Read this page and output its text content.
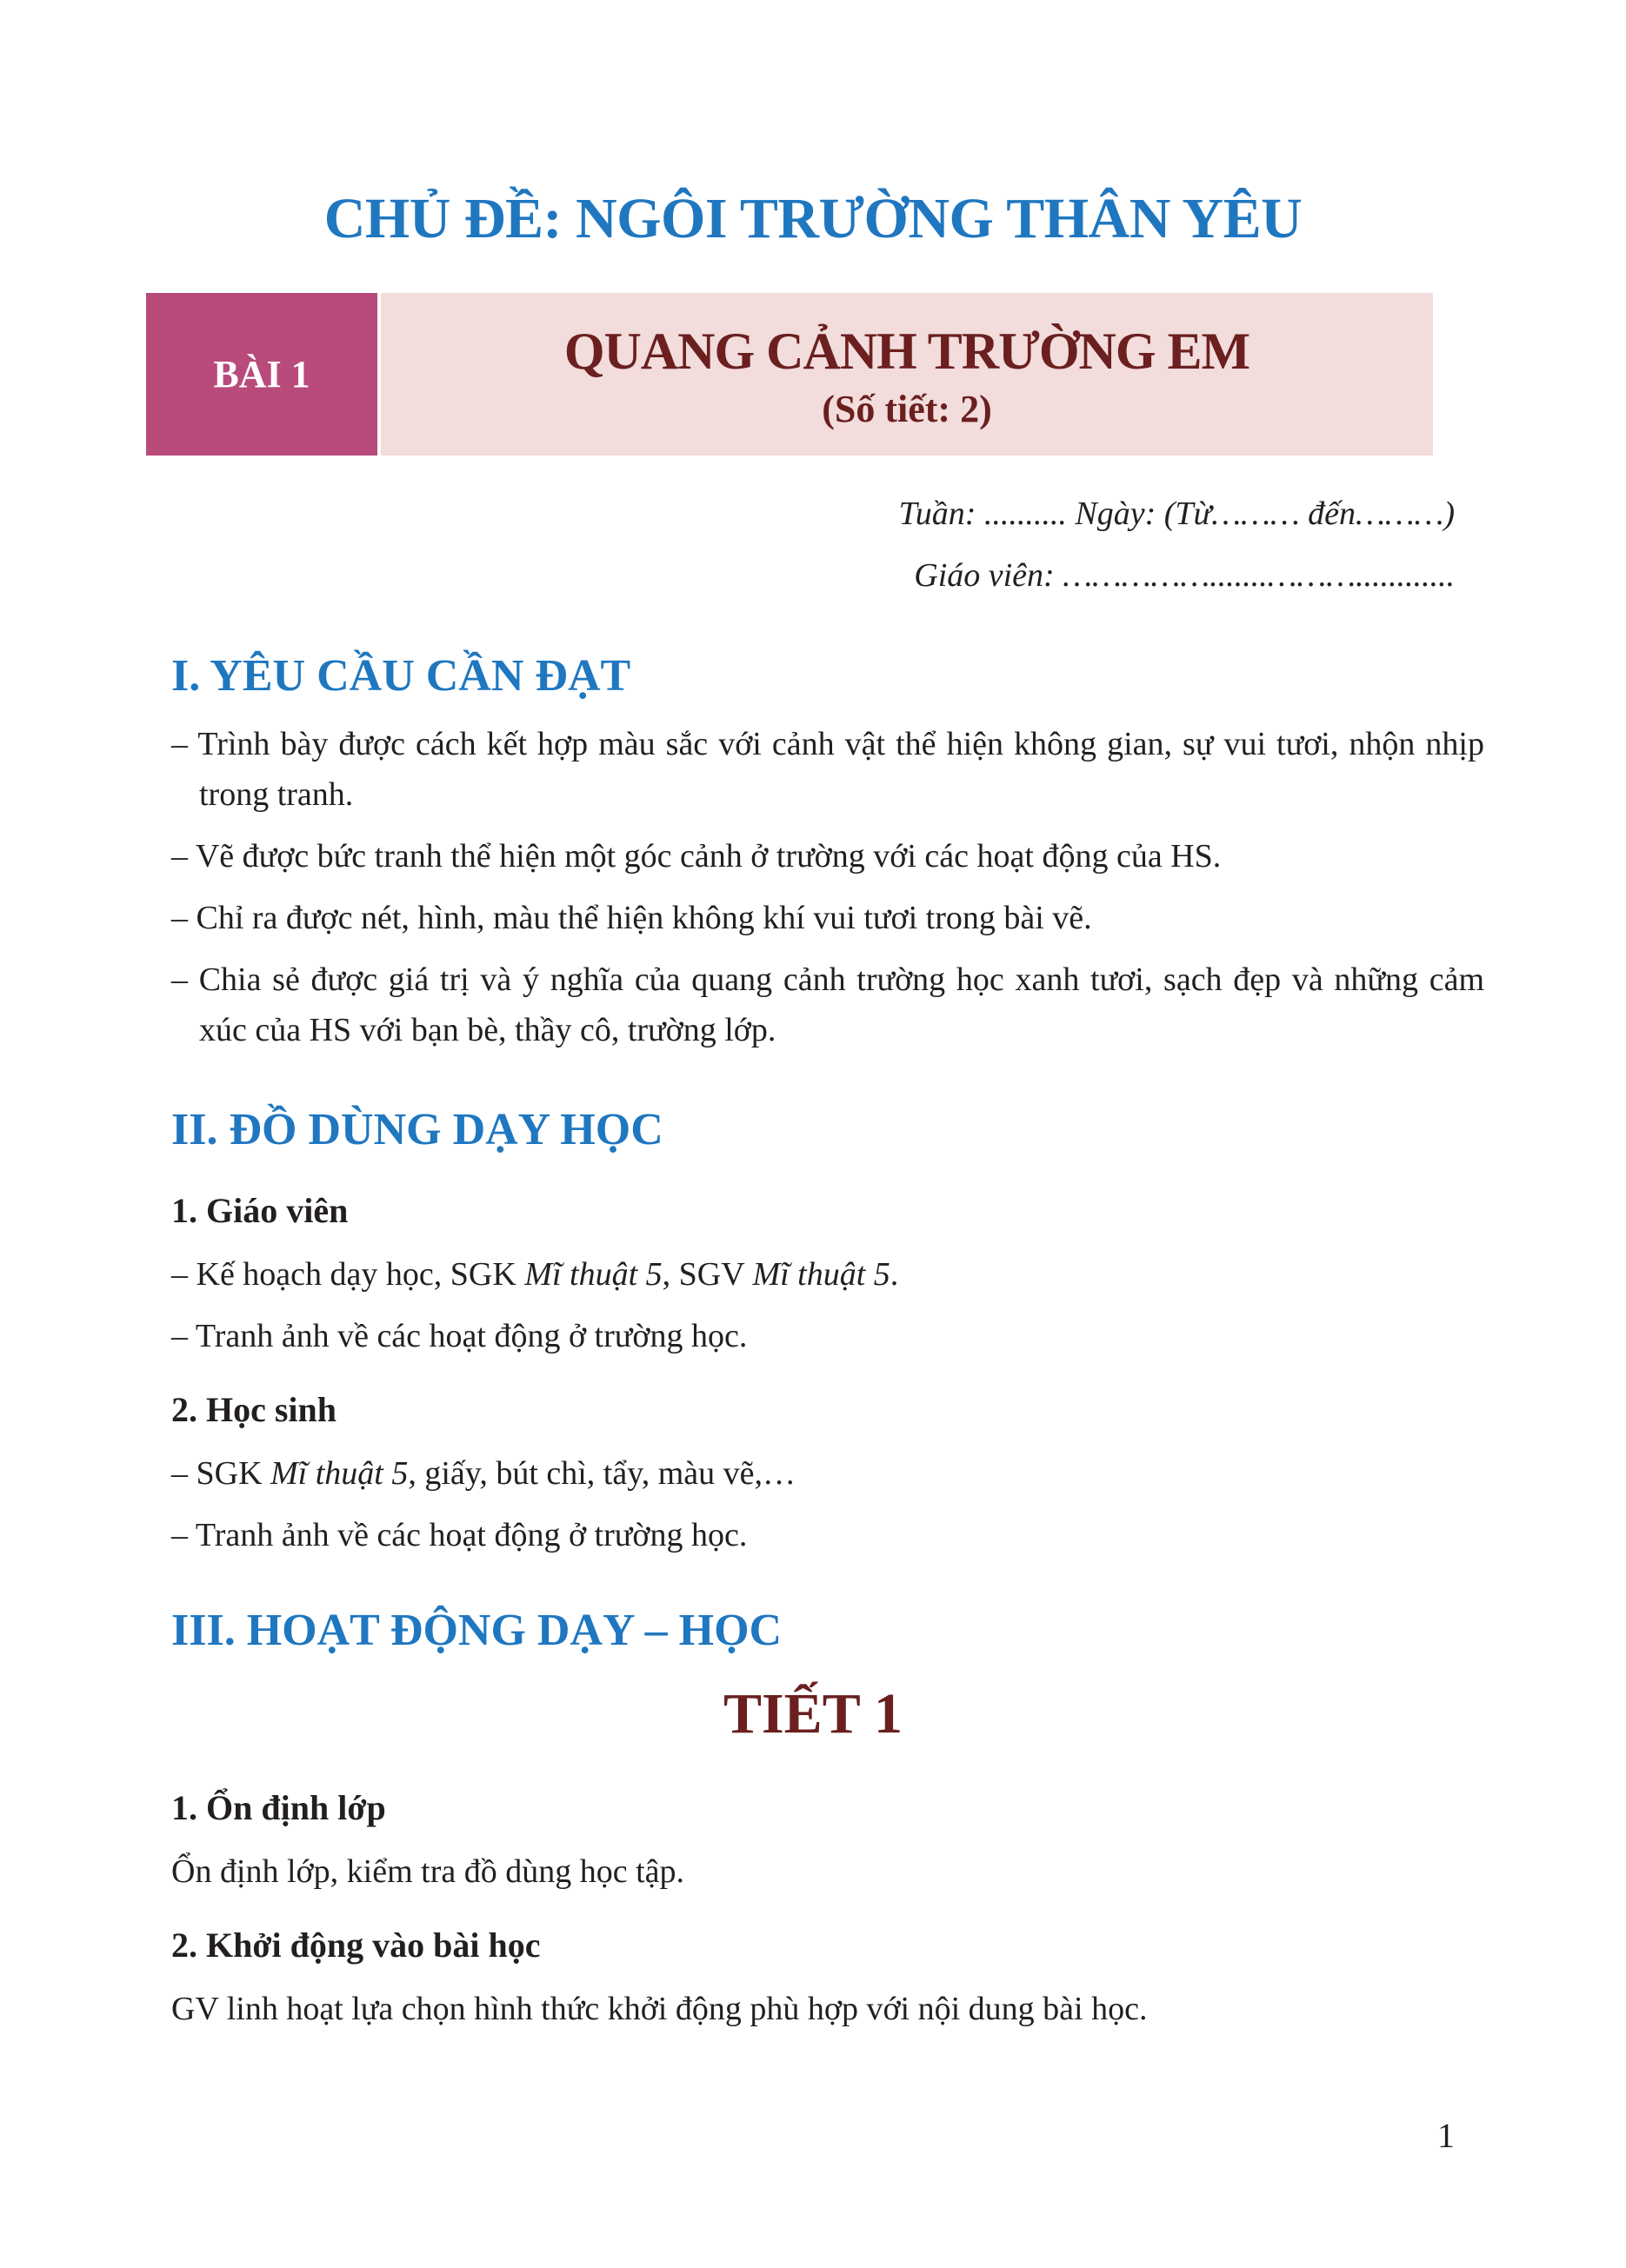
CHỦ ĐỀ: NGÔI TRƯỜNG THÂN YÊU
BÀI 1	QUANG CẢNH TRƯỜNG EM
(Số tiết: 2)
Tuần: .......... Ngày: (Từ……… đến………)
Giáo viên: …………….......………............
I. YÊU CẦU CẦN ĐẠT
– Trình bày được cách kết hợp màu sắc với cảnh vật thể hiện không gian, sự vui tươi, nhộn nhịp trong tranh.
– Vẽ được bức tranh thể hiện một góc cảnh ở trường với các hoạt động của HS.
– Chỉ ra được nét, hình, màu thể hiện không khí vui tươi trong bài vẽ.
– Chia sẻ được giá trị và ý nghĩa của quang cảnh trường học xanh tươi, sạch đẹp và những cảm xúc của HS với bạn bè, thầy cô, trường lớp.
II. ĐỒ DÙNG DẠY HỌC
1. Giáo viên
– Kế hoạch dạy học, SGK Mĩ thuật 5, SGV Mĩ thuật 5.
– Tranh ảnh về các hoạt động ở trường học.
2. Học sinh
– SGK Mĩ thuật 5, giấy, bút chì, tẩy, màu vẽ,…
– Tranh ảnh về các hoạt động ở trường học.
III. HOẠT ĐỘNG DẠY – HỌC
TIẾT 1
1. Ổn định lớp
Ổn định lớp, kiểm tra đồ dùng học tập.
2. Khởi động vào bài học
GV linh hoạt lựa chọn hình thức khởi động phù hợp với nội dung bài học.
1
